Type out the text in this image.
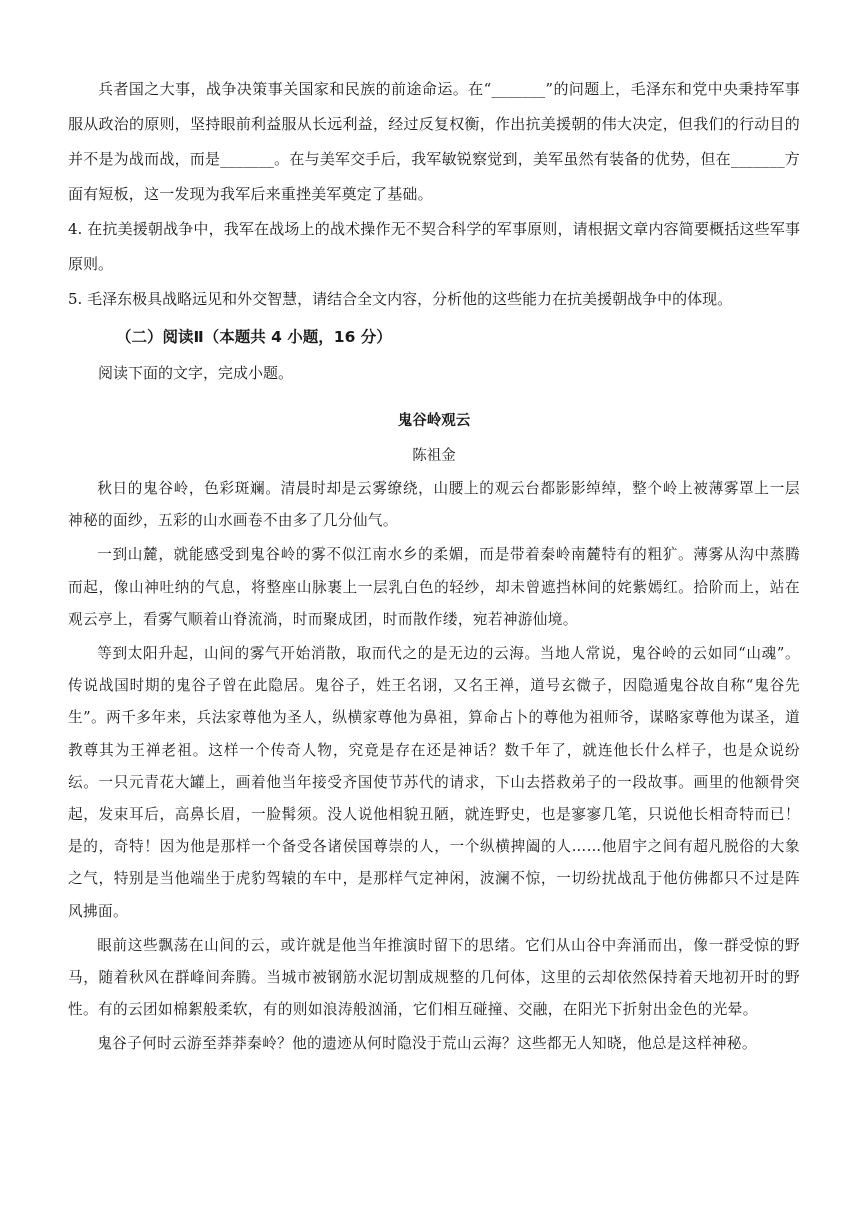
兵者国之大事，战争决策事关国家和民族的前途命运。在“_______”的问题上，毛泽东和党中央秉持军事服从政治的原则，坚持眼前利益服从长远利益，经过反复权衡，作出抗美援朝的伟大决定，但我们的行动目的并不是为战而战，而是_______。在与美军交手后，我军敏锐察觉到，美军虽然有装备的优势，但在_______方面有短板，这一发现为我军后来重挫美军奠定了基础。

4. 在抗美援朝战争中，我军在战场上的战术操作无不契合科学的军事原则，请根据文章内容简要概括这些军事原则。

5. 毛泽东极具战略远见和外交智慧，请结合全文内容，分析他的这些能力在抗美援朝战争中的体现。

（二）阅读Ⅱ（本题共 4 小题，16 分）

阅读下面的文字，完成小题。

鬼谷岭观云

陈祖金

秋日的鬼谷岭，色彩斑斓。清晨时却是云雾缭绕，山腰上的观云台都影影绰绰，整个岭上被薄雾罩上一层神秘的面纱，五彩的山水画卷不由多了几分仙气。

一到山麓，就能感受到鬼谷岭的雾不似江南水乡的柔媚，而是带着秦岭南麓特有的粗犷。薄雾从沟中蒸腾而起，像山神吐纳的气息，将整座山脉裹上一层乳白色的轻纱，却未曾遮挡林间的姹紫嫣红。拾阶而上，站在观云亭上，看雾气顺着山脊流淌，时而聚成团，时而散作缕，宛若神游仙境。

等到太阳升起，山间的雾气开始消散，取而代之的是无边的云海。当地人常说，鬼谷岭的云如同“山魂”。传说战国时期的鬼谷子曾在此隐居。鬼谷子，姓王名诩，又名王禅，道号玄微子，因隐遁鬼谷故自称“鬼谷先生”。两千多年来，兵法家尊他为圣人，纵横家尊他为鼻祖，算命占卜的尊他为祖师爷，谋略家尊他为谋圣，道教尊其为王禅老祖。这样一个传奇人物，究竟是存在还是神话？数千年了，就连他长什么样子，也是众说纷纭。一只元青花大罐上，画着他当年接受齐国使节苏代的请求，下山去搭救弟子的一段故事。画里的他额骨突起，发束耳后，高鼻长眉，一脸髯须。没人说他相貌丑陋，就连野史，也是寥寥几笔，只说他长相奇特而已！是的，奇特！因为他是那样一个备受各诸侯国尊崇的人，一个纵横捭阖的人……他眉宇之间有超凡脱俗的大象之气，特别是当他端坐于虎豹驾辕的车中，是那样气定神闲，波澜不惊，一切纷扰战乱于他仿佛都只不过是阵风拂面。

眼前这些飘荡在山间的云，或许就是他当年推演时留下的思绪。它们从山谷中奔涌而出，像一群受惊的野马，随着秋风在群峰间奔腾。当城市被钢筋水泥切割成规整的几何体，这里的云却依然保持着天地初开时的野性。有的云团如棉絮般柔软，有的则如浪涛般汹涌，它们相互碰撞、交融，在阳光下折射出金色的光晕。

鬼谷子何时云游至莽莽秦岭？他的遗迹从何时隐没于荒山云海？这些都无人知晓，他总是这样神秘。
